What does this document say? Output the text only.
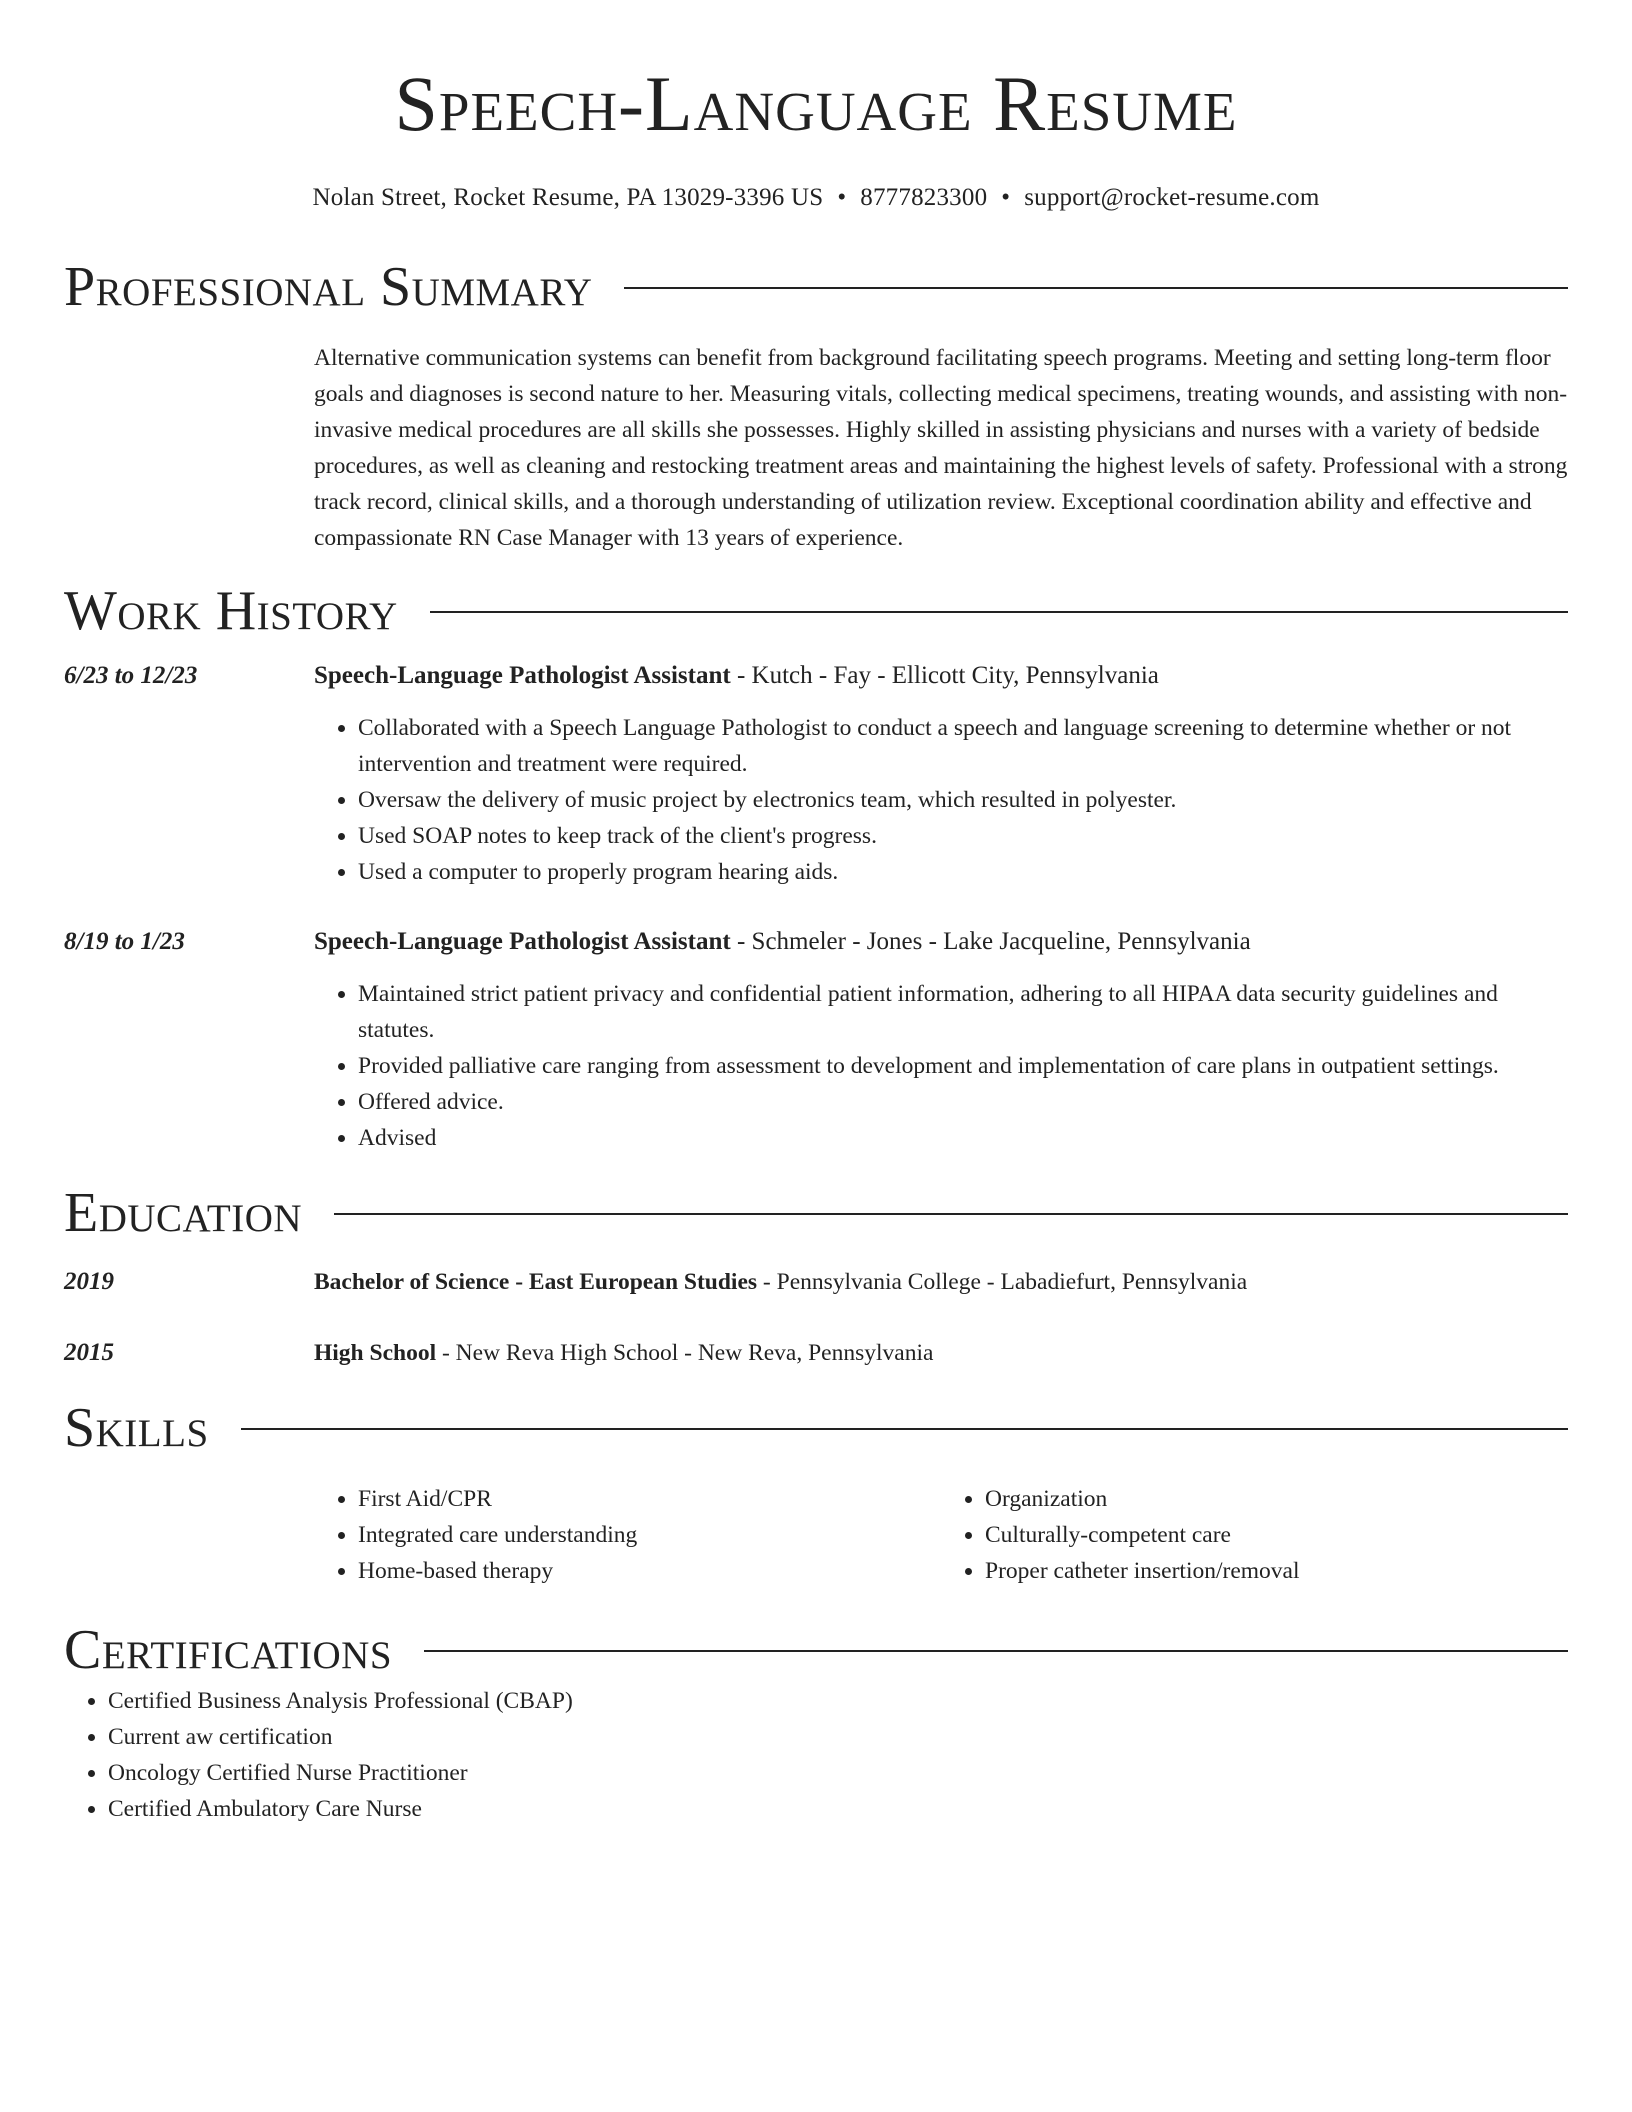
Speech-Language Resume
Nolan Street, Rocket Resume, PA 13029-3396 US • 8777823300 • support@rocket-resume.com
Professional Summary
Alternative communication systems can benefit from background facilitating speech programs. Meeting and setting long-term floor goals and diagnoses is second nature to her. Measuring vitals, collecting medical specimens, treating wounds, and assisting with non-invasive medical procedures are all skills she possesses. Highly skilled in assisting physicians and nurses with a variety of bedside procedures, as well as cleaning and restocking treatment areas and maintaining the highest levels of safety. Professional with a strong track record, clinical skills, and a thorough understanding of utilization review. Exceptional coordination ability and effective and compassionate RN Case Manager with 13 years of experience.
Work History
6/23 to 12/23	Speech-Language Pathologist Assistant - Kutch - Fay - Ellicott City, Pennsylvania
• Collaborated with a Speech Language Pathologist to conduct a speech and language screening to determine whether or not intervention and treatment were required.
• Oversaw the delivery of music project by electronics team, which resulted in polyester.
• Used SOAP notes to keep track of the client's progress.
• Used a computer to properly program hearing aids.
8/19 to 1/23	Speech-Language Pathologist Assistant - Schmeler - Jones - Lake Jacqueline, Pennsylvania
• Maintained strict patient privacy and confidential patient information, adhering to all HIPAA data security guidelines and statutes.
• Provided palliative care ranging from assessment to development and implementation of care plans in outpatient settings.
• Offered advice.
• Advised
Education
2019	Bachelor of Science - East European Studies - Pennsylvania College - Labadiefurt, Pennsylvania
2015	High School - New Reva High School - New Reva, Pennsylvania
Skills
• First Aid/CPR
• Integrated care understanding
• Home-based therapy
• Organization
• Culturally-competent care
• Proper catheter insertion/removal
Certifications
• Certified Business Analysis Professional (CBAP)
• Current aw certification
• Oncology Certified Nurse Practitioner
• Certified Ambulatory Care Nurse
